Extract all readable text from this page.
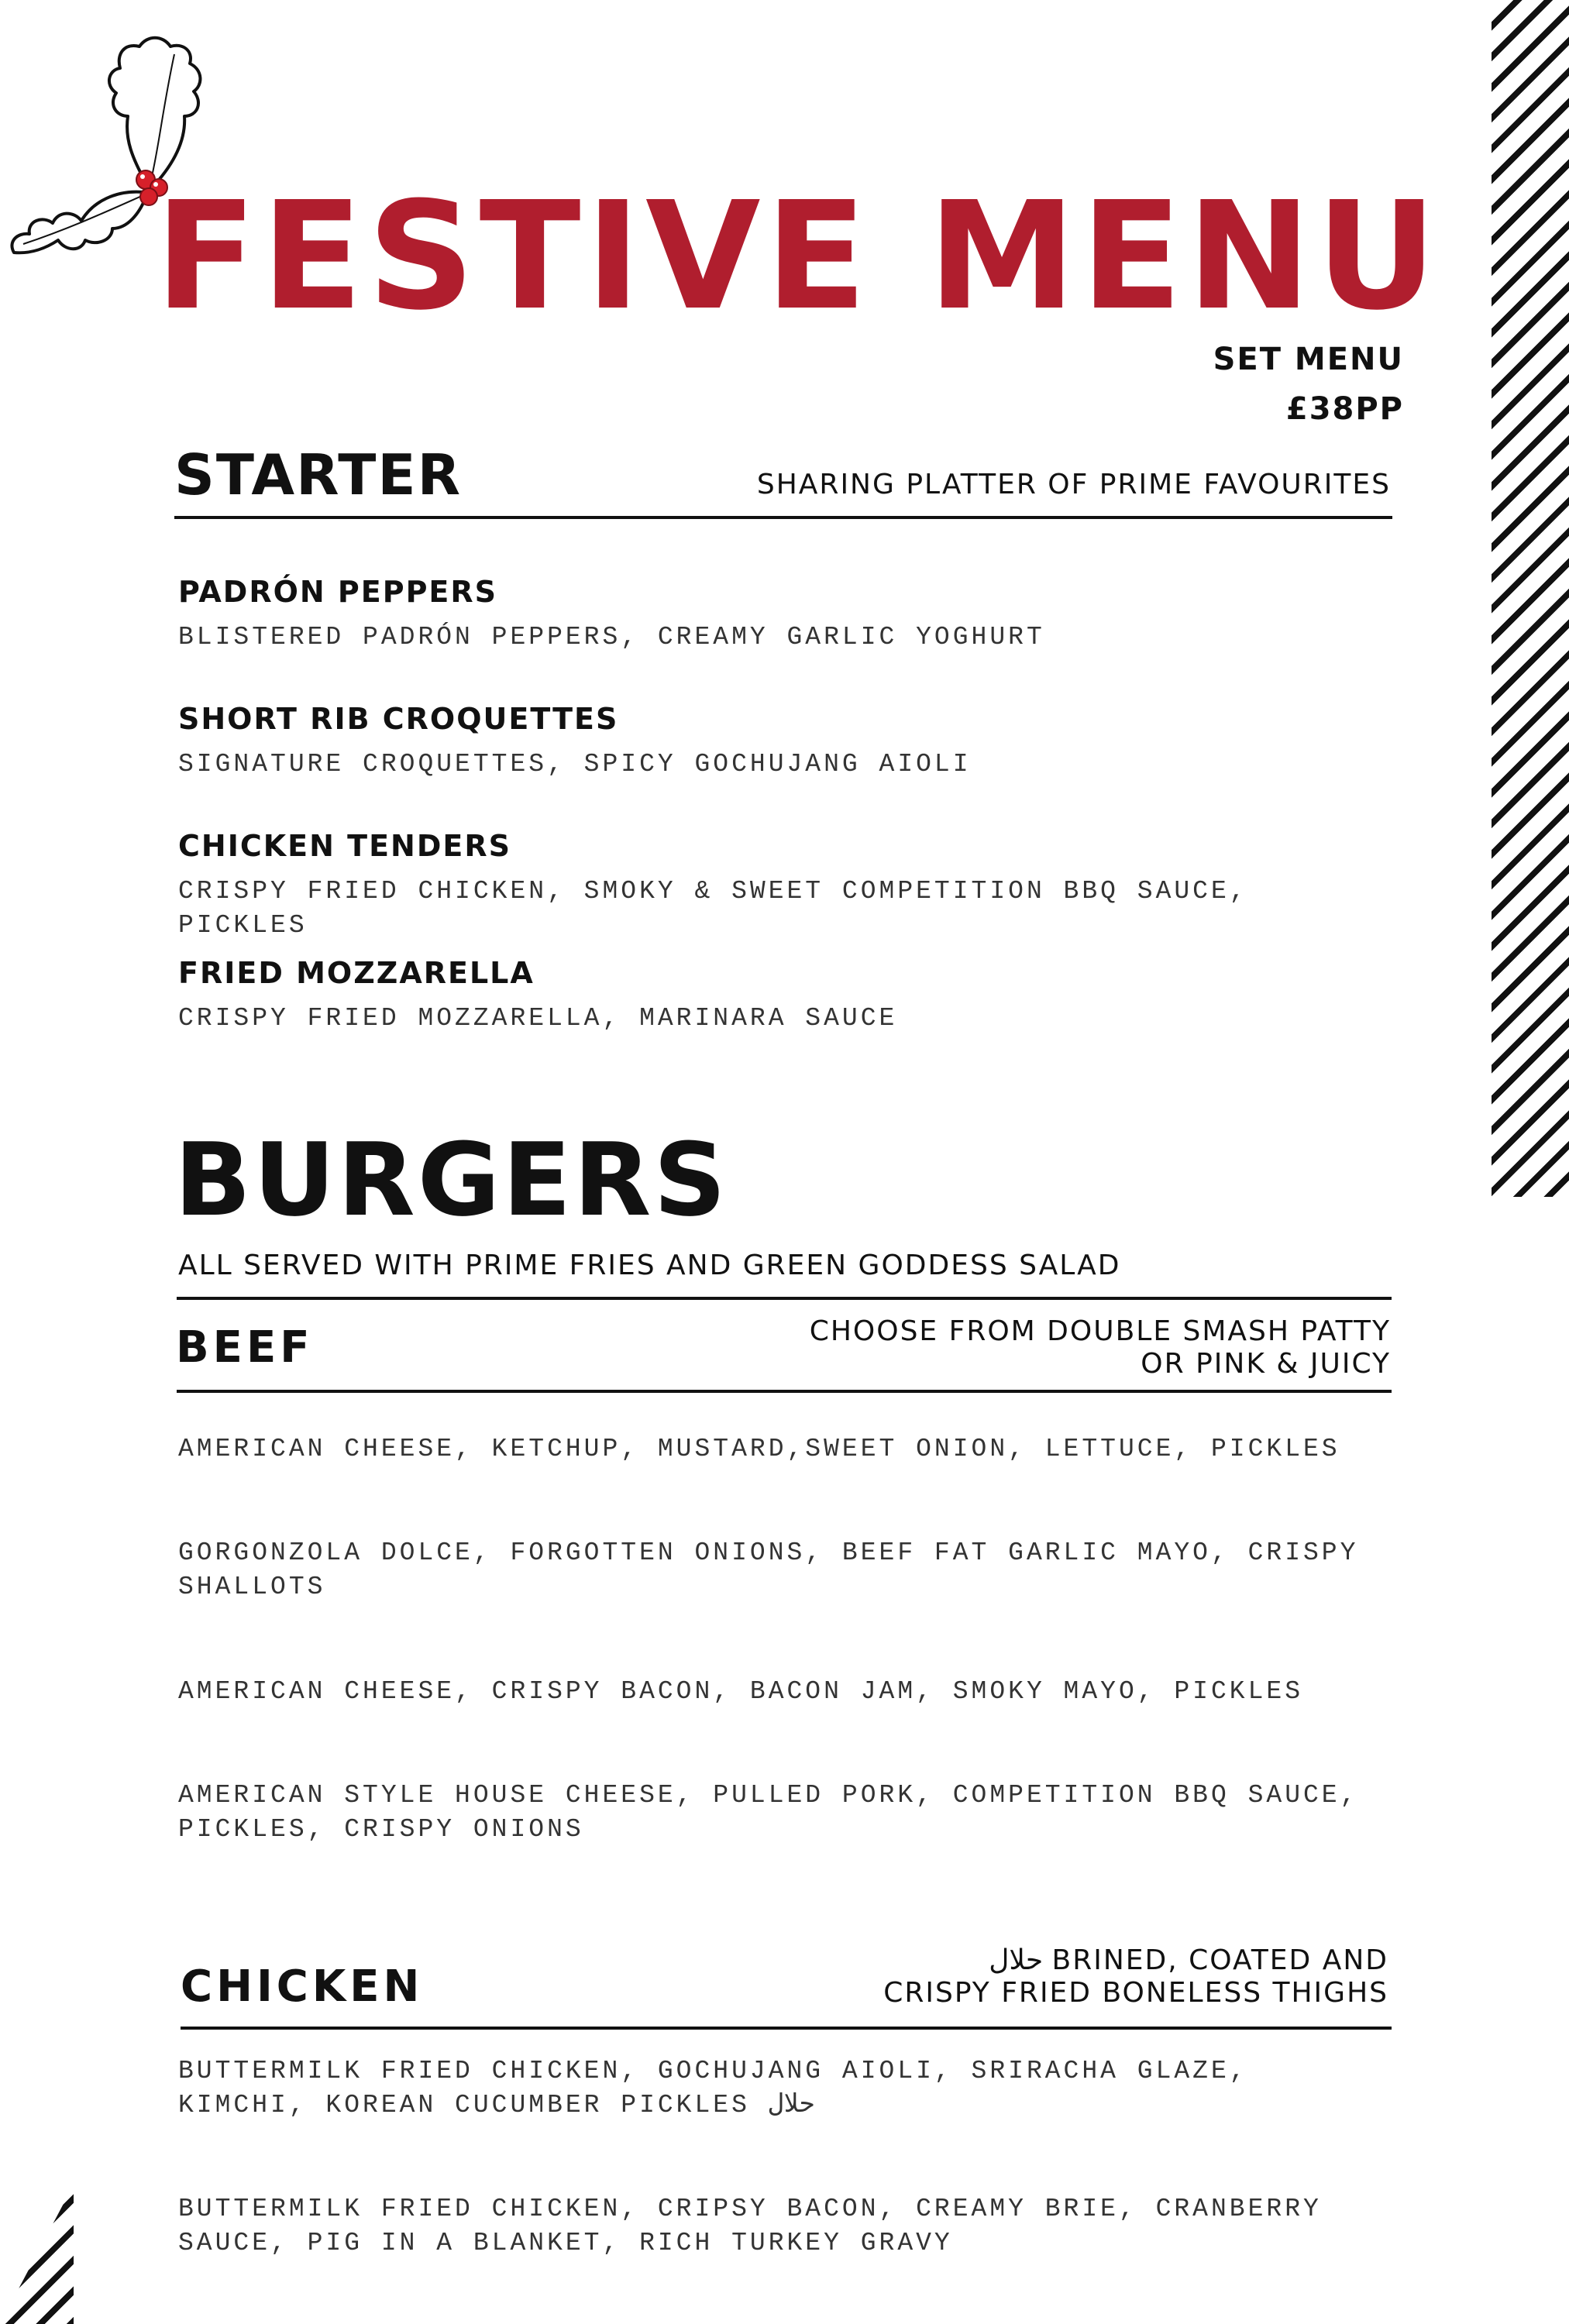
FESTIVE MENU
SET MENU
£38PP
STARTER	SHARING PLATTER OF PRIME FAVOURITES
PADRÓN PEPPERS

BLISTERED PADRÓN PEPPERS, CREAMY GARLIC YOGHURT

SHORT RIB CROQUETTES

SIGNATURE CROQUETTES, SPICY GOCHUJANG AIOLI

CHICKEN TENDERS

CRISPY FRIED CHICKEN, SMOKY & SWEET COMPETITION BBQ SAUCE, PICKLES

FRIED MOZZARELLA

CRISPY FRIED MOZZARELLA, MARINARA SAUCE

BURGERS
ALL SERVED WITH PRIME FRIES AND GREEN GODDESS SALAD
BEEF	CHOOSE FROM DOUBLE SMASH PATTY
OR PINK & JUICY

AMERICAN CHEESE, KETCHUP, MUSTARD,SWEET ONION, LETTUCE, PICKLES

GORGONZOLA DOLCE, FORGOTTEN ONIONS, BEEF FAT GARLIC MAYO, CRISPY SHALLOTS

AMERICAN CHEESE, CRISPY BACON, BACON JAM, SMOKY MAYO, PICKLES

AMERICAN STYLE HOUSE CHEESE, PULLED PORK, COMPETITION BBQ SAUCE, PICKLES, CRISPY ONIONS

CHICKEN
حلال BRINED, COATED AND
CRISPY FRIED BONELESS THIGHS

BUTTERMILK FRIED CHICKEN, GOCHUJANG AIOLI, SRIRACHA GLAZE, KIMCHI, KOREAN CUCUMBER PICKLES حلال

BUTTERMILK FRIED CHICKEN, CRIPSY BACON, CREAMY BRIE, CRANBERRY SAUCE, PIG IN A BLANKET, RICH TURKEY GRAVY
